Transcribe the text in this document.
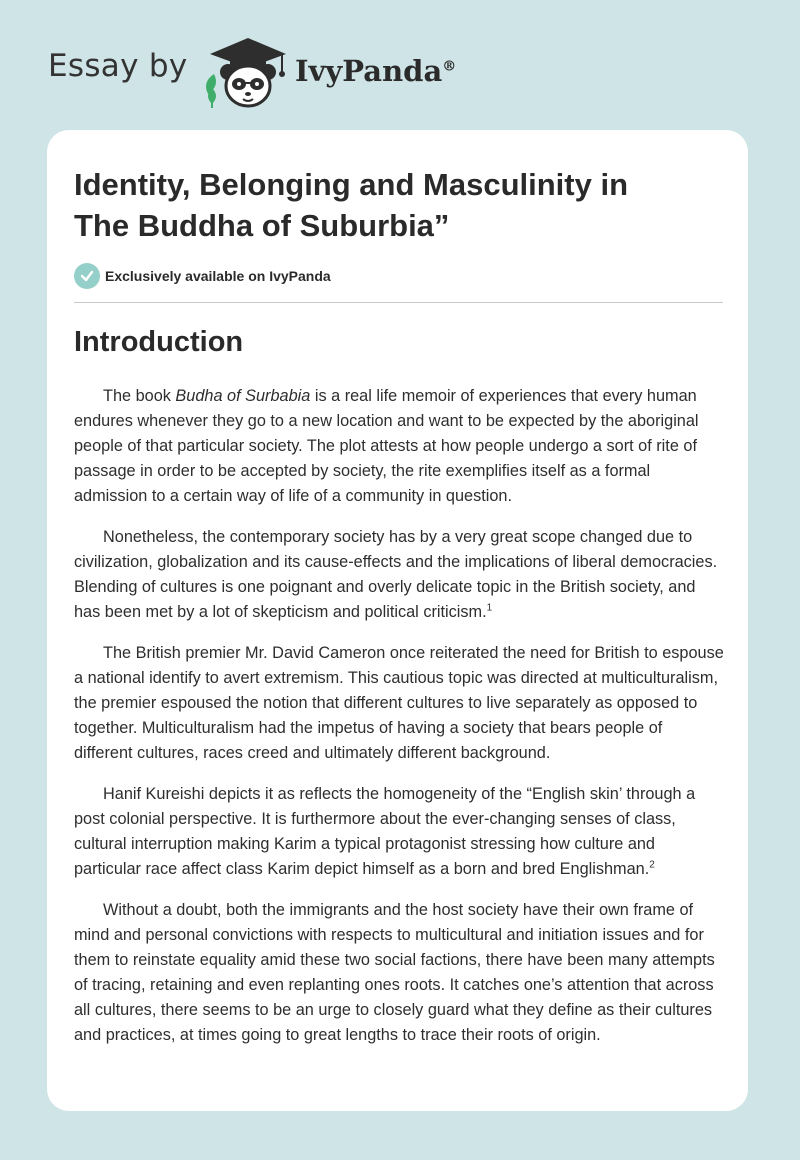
Essay by	IvyPanda®
Identity, Belonging and Masculinity in
The Buddha of Suburbia”
Exclusively available on IvyPanda
Introduction

The book Budha of Surbabia is a real life memoir of experiences that every human endures whenever they go to a new location and want to be expected by the aboriginal people of that particular society. The plot attests at how people undergo a sort of rite of passage in order to be accepted by society, the rite exemplifies itself as a formal admission to a certain way of life of a community in question.

Nonetheless, the contemporary society has by a very great scope changed due to civilization, globalization and its cause-effects and the implications of liberal democracies. Blending of cultures is one poignant and overly delicate topic in the British society, and has been met by a lot of skepticism and political criticism.$^1$

The British premier Mr. David Cameron once reiterated the need for British to espouse a national identify to avert extremism. This cautious topic was directed at multiculturalism, the premier espoused the notion that different cultures to live separately as opposed to together. Multiculturalism had the impetus of having a society that bears people of different cultures, races creed and ultimately different background.

Hanif Kureishi depicts it as reflects the homogeneity of the “English skin’ through a post colonial perspective. It is furthermore about the ever-changing senses of class, cultural interruption making Karim a typical protagonist stressing how culture and particular race affect class Karim depict himself as a born and bred Englishman.$^2$

Without a doubt, both the immigrants and the host society have their own frame of mind and personal convictions with respects to multicultural and initiation issues and for them to reinstate equality amid these two social factions, there have been many attempts of tracing, retaining and even replanting ones roots. It catches one’s attention that across all cultures, there seems to be an urge to closely guard what they define as their cultures and practices, at times going to great lengths to trace their roots of origin.
